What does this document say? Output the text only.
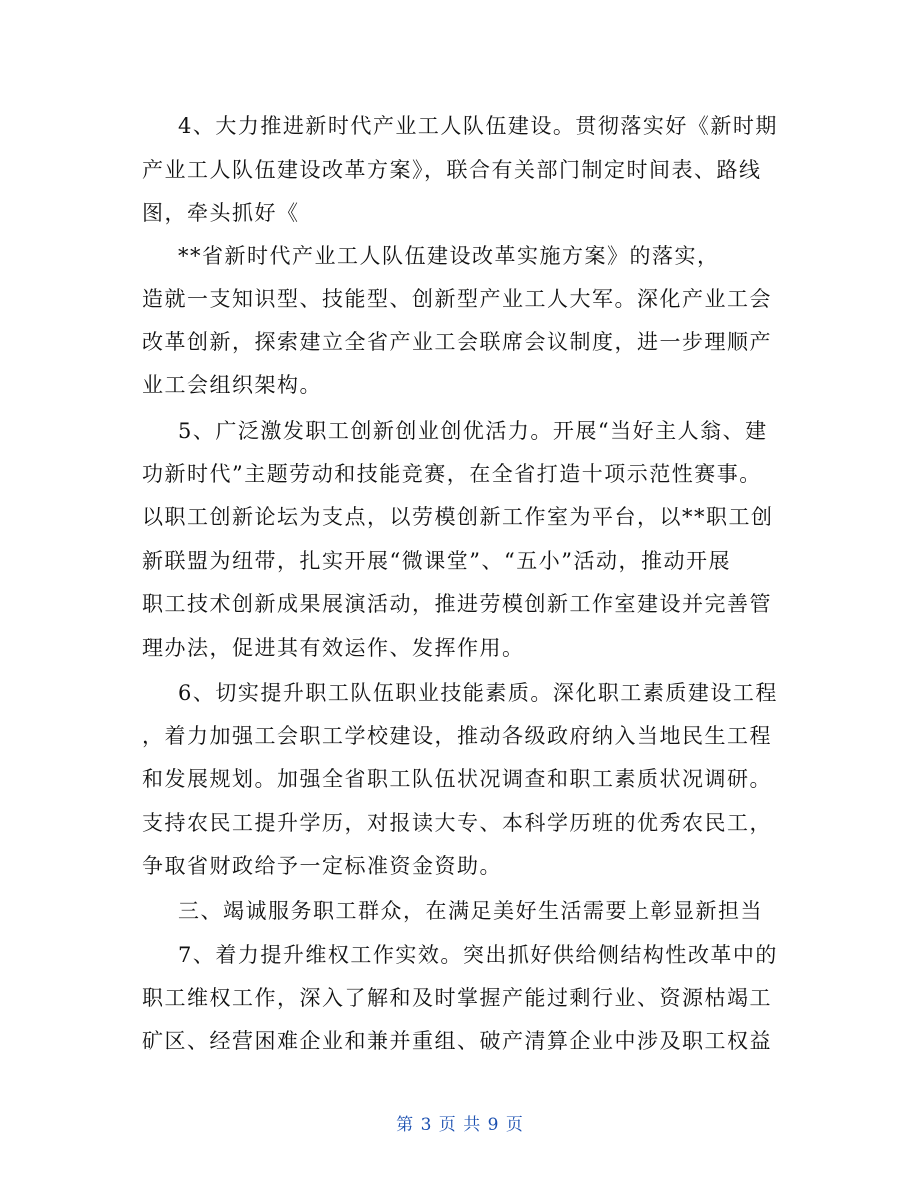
4、大力推进新时代产业工人队伍建设。贯彻落实好《新时期
产业工人队伍建设改革方案》，联合有关部门制定时间表、路线
图，牵头抓好《
**省新时代产业工人队伍建设改革实施方案》的落实，
造就一支知识型、技能型、创新型产业工人大军。深化产业工会
改革创新，探索建立全省产业工会联席会议制度，进一步理顺产
业工会组织架构。
5、广泛激发职工创新创业创优活力。开展“当好主人翁、建
功新时代”主题劳动和技能竞赛，在全省打造十项示范性赛事。
以职工创新论坛为支点，以劳模创新工作室为平台，以**职工创
新联盟为纽带，扎实开展“微课堂”、“五小”活动，推动开展
职工技术创新成果展演活动，推进劳模创新工作室建设并完善管
理办法，促进其有效运作、发挥作用。
6、切实提升职工队伍职业技能素质。深化职工素质建设工程
，着力加强工会职工学校建设，推动各级政府纳入当地民生工程
和发展规划。加强全省职工队伍状况调查和职工素质状况调研。
支持农民工提升学历，对报读大专、本科学历班的优秀农民工，
争取省财政给予一定标准资金资助。
三、竭诚服务职工群众，在满足美好生活需要上彰显新担当
7、着力提升维权工作实效。突出抓好供给侧结构性改革中的
职工维权工作，深入了解和及时掌握产能过剩行业、资源枯竭工
矿区、经营困难企业和兼并重组、破产清算企业中涉及职工权益
第 3 页 共 9 页
